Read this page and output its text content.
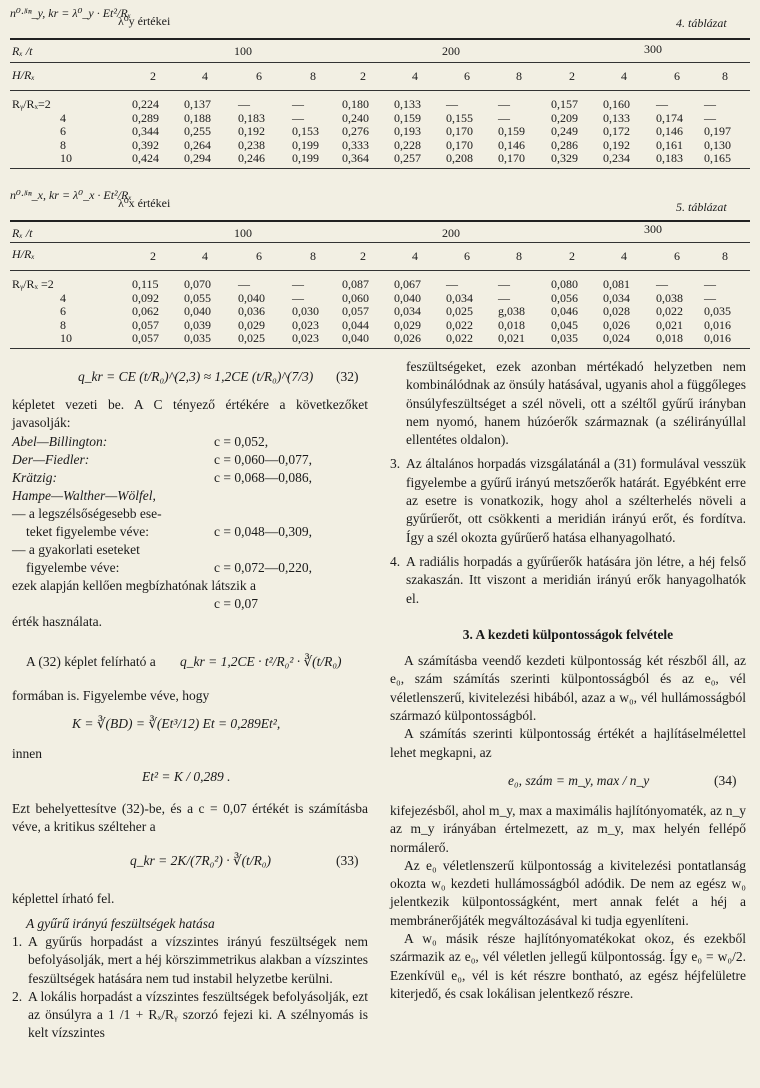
n⁰·ˡⁱⁿ_y, kr = λ⁰_y · Et²/Rₓ
λ⁰y értékei	4. táblázat
Rₓ /t	100	200	300
H/Rₓ	2	4	6	8	2	4	6	8	2	4	6	8
Rᵧ/Rₓ=2	0,224 0,137 —	—	0,180 0,133 —	—	0,157 0,160 —	—
4	0,289 0,188 0,183 —	0,240 0,159 0,155 —	0,209 0,133 0,174 —
6	0,344 0,255 0,192 0,153 0,276 0,193 0,170 0,159 0,249 0,172 0,146 0,197
8	0,392 0,264 0,238 0,199 0,333 0,228 0,170 0,146 0,286 0,192 0,161 0,130
10	0,424 0,294 0,246 0,199 0,364 0,257 0,208 0,170 0,329 0,234 0,183 0,165
n⁰·ˡⁱⁿ_x, kr = λ⁰_x · Et²/Rₓ
λ⁰x értékei	5. táblázat
Rₓ /t	100	200	300
H/Rₓ	2	4	6	8	2	4	6	8	2	4	6	8
Rᵧ/Rₓ =2	0,115 0,070 —	—	0,087 0,067 —	—	0,080 0,081 —	—
4	0,092 0,055 0,040 —	0,060 0,040 0,034 —	0,056 0,034 0,038 —
6	0,062 0,040 0,036 0,030 0,057 0,034 0,025 g,038 0,046 0,028 0,022 0,035
8	0,057 0,039 0,029 0,023 0,044 0,029 0,022 0,018 0,045 0,026 0,021 0,016
10	0,057 0,035 0,025 0,023 0,040 0,026 0,022 0,021 0,035 0,024 0,018 0,016
q_kr = CE (t/R₀)^(2,3) ≈ 1,2CE (t/R₀)^(7/3) (32)

képletet vezeti be. A C tényező értékére a következőket javasolják:

Abel—Billington:	c = 0,052,
Der—Fiedler:	c = 0,060—0,077,
Krätzig:	c = 0,068—0,086,
Hampe—Walther—Wölfel,
— a legszélsőségesebb ese-
teket figyelembe véve:	c = 0,048—0,309,
— a gyakorlati eseteket
figyelembe véve:	c = 0,072—0,220,

ezek alapján kellően megbízhatónak látszik a

c = 0,07

érték használata.

A (32) képlet felírható a q_kr = 1,2CE · t²/R₀² · ∛(t/R₀)

formában is. Figyelembe véve, hogy

K = ∛(BD) = ∛(Et³/12) Et = 0,289Et²,

innen

Et² = K / 0,289 .

Ezt behelyettesítve (32)-be, és a c = 0,07 értékét is számításba véve, a kritikus szélteher a

q_kr = 2K/(7R₀²) · ∛(t/R₀)	(33)

képlettel írható fel.

A gyűrű irányú feszültségek hatása

1. A gyűrűs horpadást a vízszintes irányú feszültségek nem befolyásolják, mert a héj körszimmetrikus alakban a vízszintes feszültségek hatására nem tud instabil helyzetbe kerülni.
2. A lokális horpadást a vízszintes feszültségek befolyásolják, ezt az önsúlyra a 1 /1 + Rₓ/Rᵧ szorzó fejezi ki. A szélnyomás is kelt vízszintes

feszültségeket, ezek azonban mértékadó helyzetben nem kombinálódnak az önsúly hatásával, ugyanis ahol a függőleges önsúlyfeszültséget a szél növeli, ott a széltől gyűrű irányban nem nyomó, hanem húzóerők származnak (a szélirányúllal ellentétes oldalon).

3. Az általános horpadás vizsgálatánál a (31) formulával vesszük figyelembe a gyűrű irányú metszőerők határát. Egyébként erre az esetre is vonatkozik, hogy ahol a szélterhelés növeli a gyűrűerőt, ott csökkenti a meridián irányú erőt, és fordítva. Így a szél okozta gyűrűerő hatása elhanyagolható.
4. A radiális horpadás a gyűrűerők hatására jön létre, a héj felső szakaszán. Itt viszont a meridián irányú erők hanyagolhatók el.

3. A kezdeti külpontosságok felvétele

A számításba veendő kezdeti külpontosság két részből áll, az e₀, szám számítás szerinti külpontosságból és az e₀, vél véletlenszerű, kivitelezési hibából, azaz a w₀, vél hullámosságból származó külpontosságból.

A számítás szerinti külpontosság értékét a hajlításelmélettel lehet megkapni, az

e₀, szám = m_y, max / n_y	(34)

kifejezésből, ahol m_y, max a maximális hajlítónyomaték, az n_y az m_y irányában értelmezett, az m_y, max helyén fellépő normálerő.

Az e₀ véletlenszerű külpontosság a kivitelezési pontatlanság okozta w₀ kezdeti hullámosságból adódik. De nem az egész w₀ jelentkezik külpontosságként, mert annak felét a héj a membránerőjáték megváltozásával ki tudja egyenlíteni.

A w₀ másik része hajlítónyomatékokat okoz, és ezekből származik az e₀, vél véletlen jellegű külpontosság. Így e₀ = w₀/2. Ezenkívül e₀, vél is két részre bontható, az egész héjfelületre kiterjedő, és csak lokálisan jelentkező részre.
